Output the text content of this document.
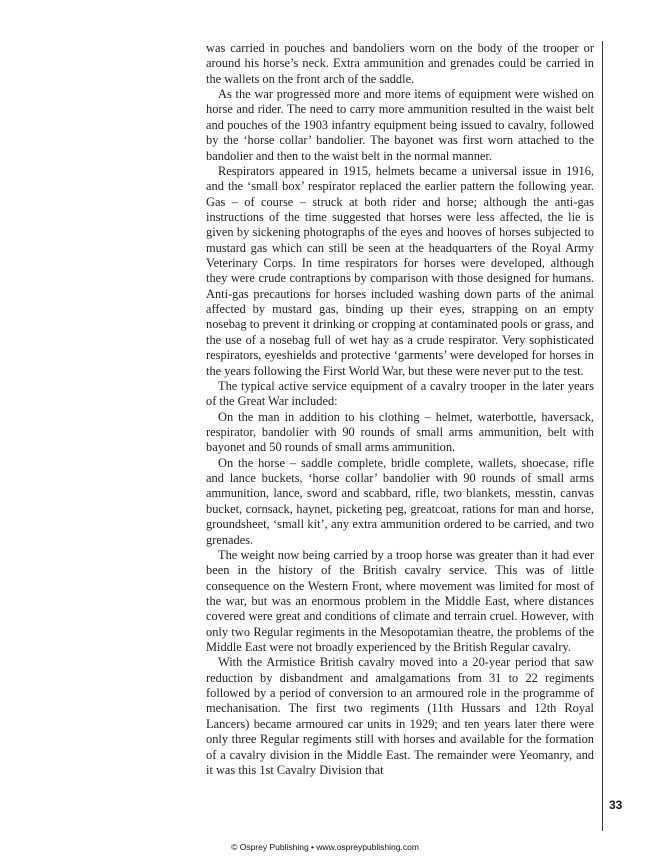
was carried in pouches and bandoliers worn on the body of the trooper or around his horse’s neck. Extra ammunition and grenades could be carried in the wallets on the front arch of the saddle.

As the war progressed more and more items of equipment were wished on horse and rider. The need to carry more ammunition resulted in the waist belt and pouches of the 1903 infantry equipment being issued to cavalry, followed by the ‘horse collar’ bandolier. The bayonet was first worn attached to the bandolier and then to the waist belt in the normal manner.

Respirators appeared in 1915, helmets became a universal issue in 1916, and the ‘small box’ respirator replaced the earlier pattern the following year. Gas – of course – struck at both rider and horse; although the anti-gas instructions of the time suggested that horses were less affected, the lie is given by sickening photographs of the eyes and hooves of horses subjected to mustard gas which can still be seen at the headquarters of the Royal Army Veterinary Corps. In time respirators for horses were developed, although they were crude contraptions by comparison with those designed for humans. Anti-gas precautions for horses included washing down parts of the animal affected by mustard gas, binding up their eyes, strapping on an empty nosebag to prevent it drinking or cropping at contaminated pools or grass, and the use of a nosebag full of wet hay as a crude respirator. Very sophisticated respirators, eyeshields and protective ‘garments’ were developed for horses in the years following the First World War, but these were never put to the test.

The typical active service equipment of a cavalry trooper in the later years of the Great War included:

On the man in addition to his clothing – helmet, waterbottle, haversack, respirator, bandolier with 90 rounds of small arms ammunition, belt with bayonet and 50 rounds of small arms ammunition.

On the horse – saddle complete, bridle complete, wallets, shoecase, rifle and lance buckets, ‘horse collar’ bandolier with 90 rounds of small arms ammunition, lance, sword and scabbard, rifle, two blankets, messtin, canvas bucket, cornsack, haynet, picketing peg, greatcoat, rations for man and horse, groundsheet, ‘small kit’, any extra ammunition ordered to be carried, and two grenades.

The weight now being carried by a troop horse was greater than it had ever been in the history of the British cavalry service. This was of little consequence on the Western Front, where movement was limited for most of the war, but was an enormous problem in the Middle East, where distances covered were great and conditions of climate and terrain cruel. However, with only two Regular regiments in the Mesopotamian theatre, the problems of the Middle East were not broadly experienced by the British Regular cavalry.

With the Armistice British cavalry moved into a 20-year period that saw reduction by disbandment and amalgamations from 31 to 22 regiments followed by a period of conversion to an armoured role in the programme of mechanisation. The first two regiments (11th Hussars and 12th Royal Lancers) became armoured car units in 1929; and ten years later there were only three Regular regiments still with horses and available for the formation of a cavalry division in the Middle East. The remainder were Yeomanry, and it was this 1st Cavalry Division that

33
© Osprey Publishing • www.ospreypublishing.com
